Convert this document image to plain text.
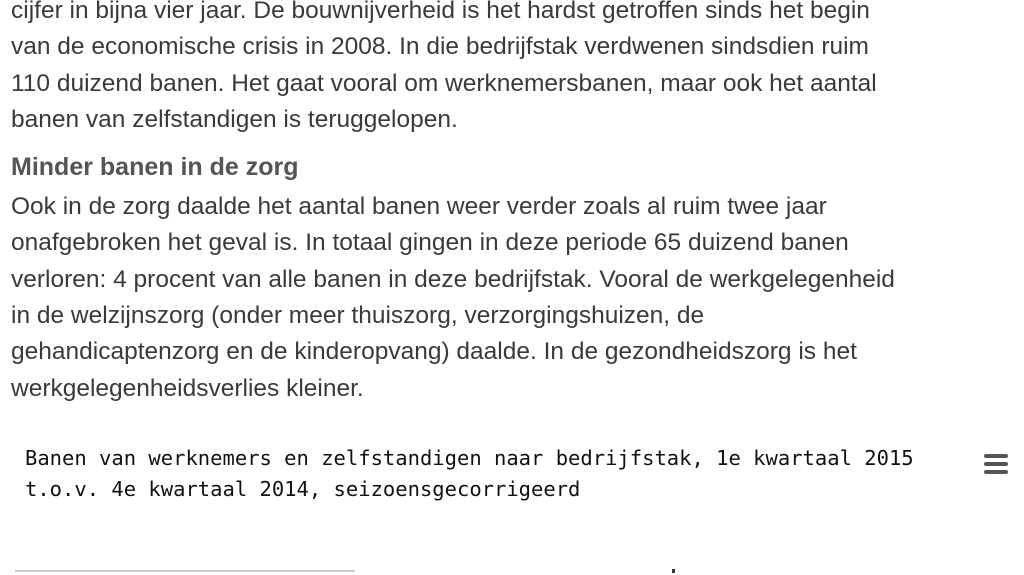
cijfer in bijna vier jaar. De bouwnijverheid is het hardst getroffen sinds het begin

van de economische crisis in 2008. In die bedrijfstak verdwenen sindsdien ruim

110 duizend banen. Het gaat vooral om werknemersbanen, maar ook het aantal

banen van zelfstandigen is teruggelopen.

Minder banen in de zorg

Ook in de zorg daalde het aantal banen weer verder zoals al ruim twee jaar

onafgebroken het geval is. In totaal gingen in deze periode 65 duizend banen

verloren: 4 procent van alle banen in deze bedrijfstak. Vooral de werkgelegenheid

in de welzijnszorg (onder meer thuiszorg, verzorgingshuizen, de

gehandicaptenzorg en de kinderopvang) daalde. In de gezondheidszorg is het

werkgelegenheidsverlies kleiner.

Banen van werknemers en zelfstandigen naar bedrijfstak, 1e kwartaal 2015
t.o.v. 4e kwartaal 2014, seizoensgecorrigeerd
